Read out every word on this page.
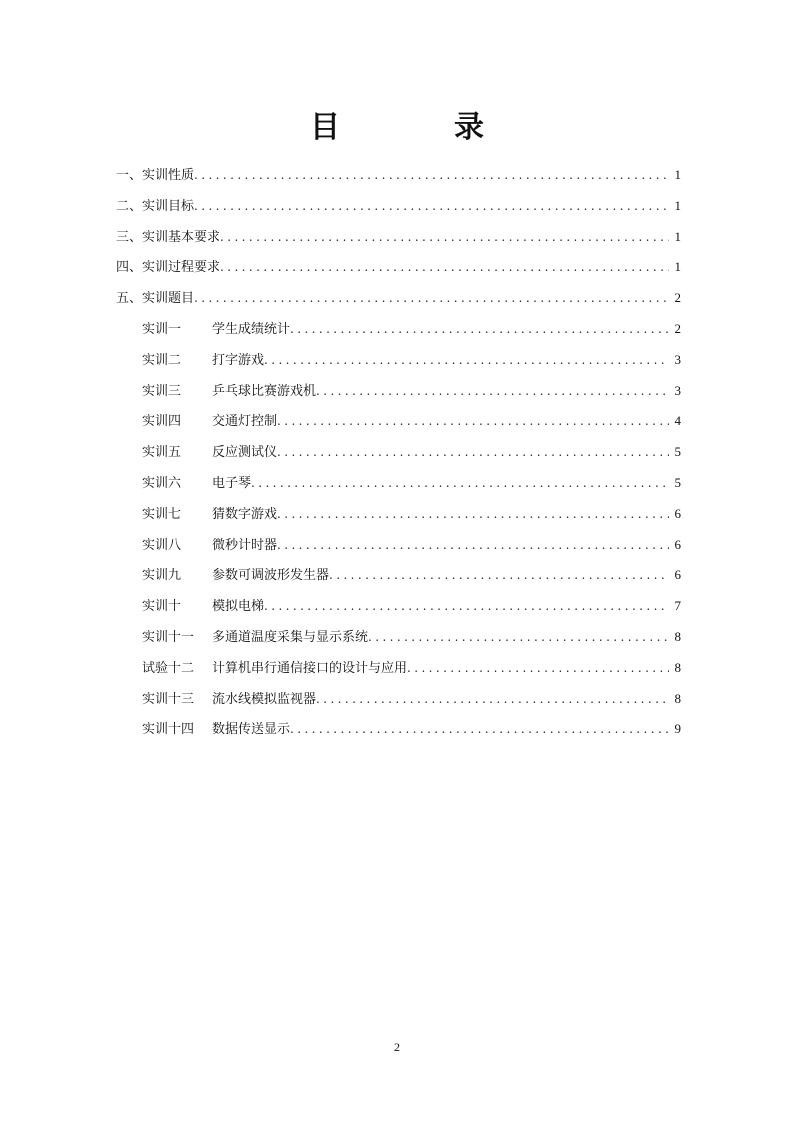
目　录
一、 实训性质 .....	1
二、 实训目标 .....	1
三、 实训基本要求 .....	1
四、 实训过程要求 .....	1
五、 实训题目 .....	2
实训一	学生成绩统计 .....	2
实训二	打字游戏 .....	3
实训三	乒乓球比赛游戏机 .....	3
实训四	交通灯控制 .....	4
实训五	反应测试仪 .....	5
实训六	电子琴 .....	5
实训七	猜数字游戏 .....	6
实训八	微秒计时器 .....	6
实训九	参数可调波形发生器 .....	6
实训十	模拟电梯 .....	7
实训十一	多通道温度采集与显示系统 .....	8
试验十二	计算机串行通信接口的设计与应用 .....	8
实训十三	流水线模拟监视器 .....	8
实训十四	数据传送显示 .....	9
2
